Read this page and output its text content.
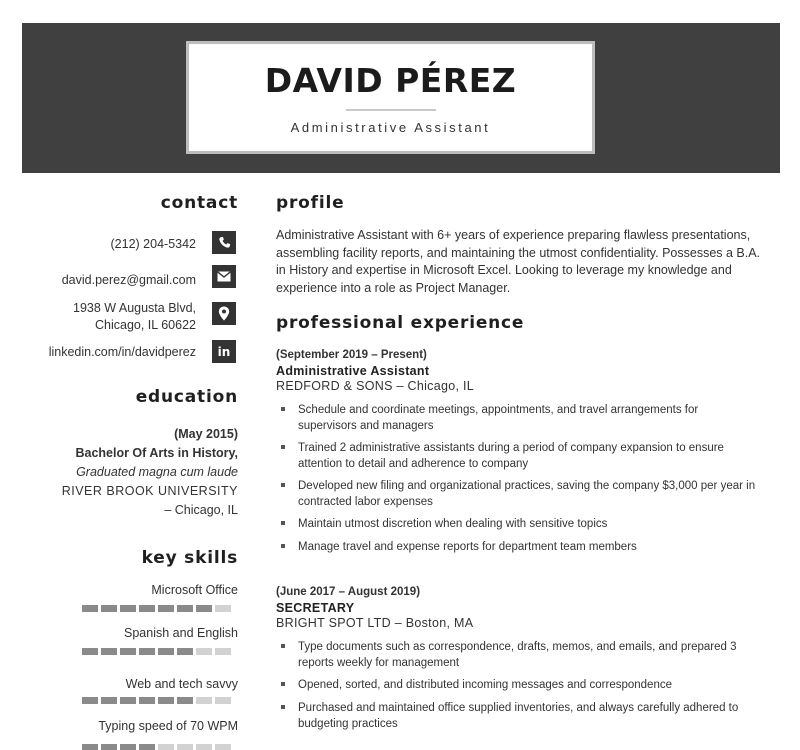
DAVID PÉREZ
Administrative Assistant
contact
(212) 204-5342
david.perez@gmail.com
1938 W Augusta Blvd,
Chicago, IL 60622
linkedin.com/in/davidperez	in
education
(May 2015)
Bachelor Of Arts in History,
Graduated magna cum laude
RIVER BROOK UNIVERSITY
– Chicago, IL
key skills
Microsoft Office
Spanish and English
Web and tech savvy
Typing speed of 70 WPM
profile
Administrative Assistant with 6+ years of experience preparing flawless presentations, assembling facility reports, and maintaining the utmost confidentiality. Possesses a B.A. in History and expertise in Microsoft Excel. Looking to leverage my knowledge and experience into a role as Project Manager.
professional experience
(September 2019 – Present)
Administrative Assistant
REDFORD & SONS – Chicago, IL
Schedule and coordinate meetings, appointments, and travel arrangements for supervisors and managers
Trained 2 administrative assistants during a period of company expansion to ensure attention to detail and adherence to company
Developed new filing and organizational practices, saving the company $3,000 per year in contracted labor expenses
Maintain utmost discretion when dealing with sensitive topics
Manage travel and expense reports for department team members
(June 2017 – August 2019)
SECRETARY
BRIGHT SPOT LTD – Boston, MA
Type documents such as correspondence, drafts, memos, and emails, and prepared 3 reports weekly for management
Opened, sorted, and distributed incoming messages and correspondence
Purchased and maintained office supplied inventories, and always carefully adhered to budgeting practices
